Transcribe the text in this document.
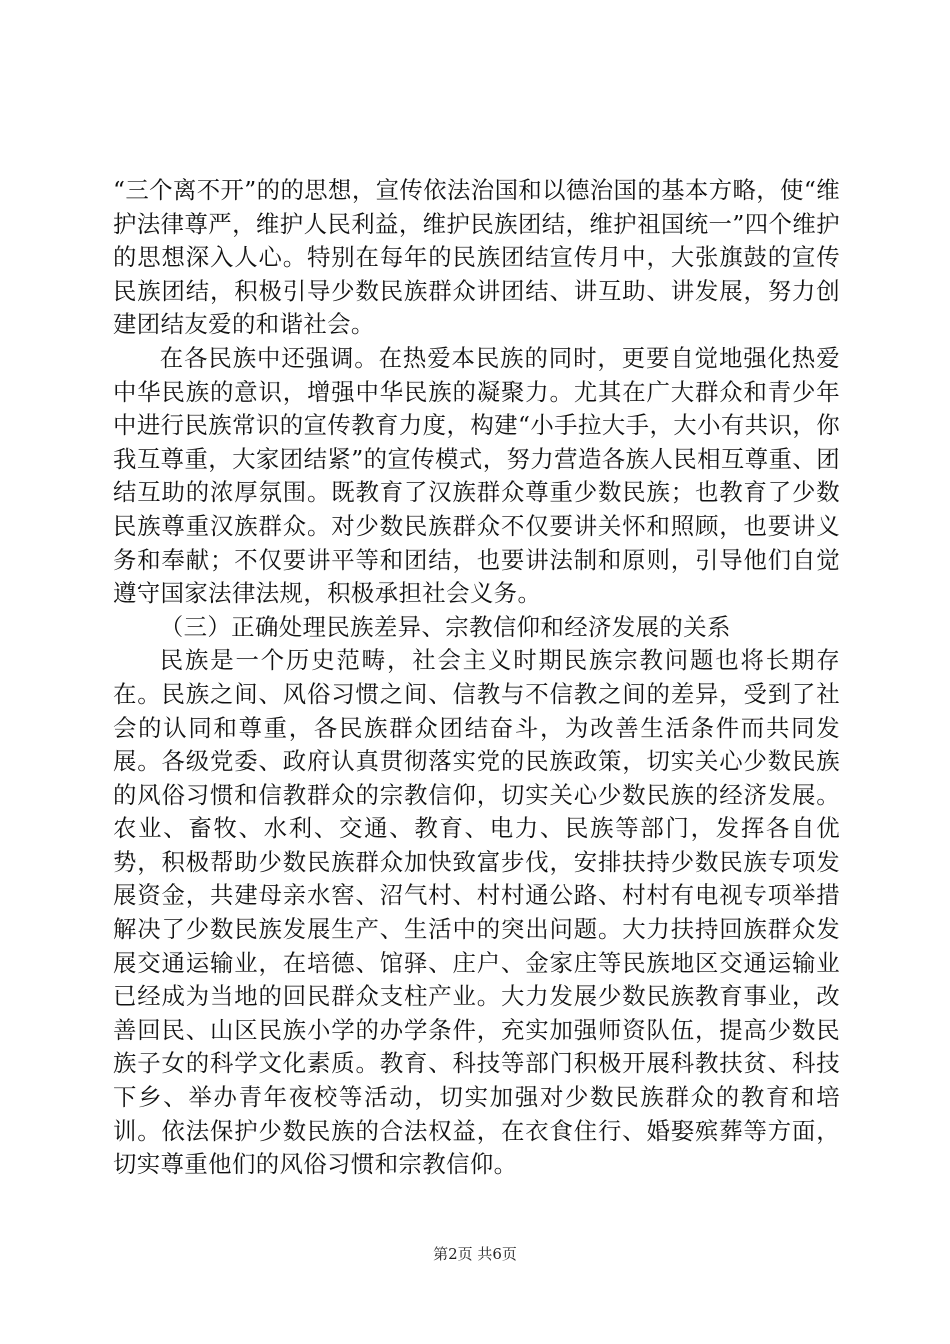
“三个离不开”的的思想，宣传依法治国和以德治国的基本方略，使“维护法律尊严，维护人民利益，维护民族团结，维护祖国统一”四个维护的思想深入人心。特别在每年的民族团结宣传月中，大张旗鼓的宣传民族团结，积极引导少数民族群众讲团结、讲互助、讲发展，努力创建团结友爱的和谐社会。

在各民族中还强调。在热爱本民族的同时，更要自觉地强化热爱中华民族的意识，增强中华民族的凝聚力。尤其在广大群众和青少年中进行民族常识的宣传教育力度，构建“小手拉大手，大小有共识，你我互尊重，大家团结紧”的宣传模式，努力营造各族人民相互尊重、团结互助的浓厚氛围。既教育了汉族群众尊重少数民族；也教育了少数民族尊重汉族群众。对少数民族群众不仅要讲关怀和照顾，也要讲义务和奉献；不仅要讲平等和团结，也要讲法制和原则，引导他们自觉遵守国家法律法规，积极承担社会义务。

（三）正确处理民族差异、宗教信仰和经济发展的关系

民族是一个历史范畴，社会主义时期民族宗教问题也将长期存在。民族之间、风俗习惯之间、信教与不信教之间的差异，受到了社会的认同和尊重，各民族群众团结奋斗，为改善生活条件而共同发展。各级党委、政府认真贯彻落实党的民族政策，切实关心少数民族的风俗习惯和信教群众的宗教信仰，切实关心少数民族的经济发展。农业、畜牧、水利、交通、教育、电力、民族等部门，发挥各自优势，积极帮助少数民族群众加快致富步伐，安排扶持少数民族专项发展资金，共建母亲水窖、沼气村、村村通公路、村村有电视专项举措解决了少数民族发展生产、生活中的突出问题。大力扶持回族群众发展交通运输业，在培德、馆驿、庄户、金家庄等民族地区交通运输业已经成为当地的回民群众支柱产业。大力发展少数民族教育事业，改善回民、山区民族小学的办学条件，充实加强师资队伍，提高少数民族子女的科学文化素质。教育、科技等部门积极开展科教扶贫、科技下乡、举办青年夜校等活动，切实加强对少数民族群众的教育和培训。依法保护少数民族的合法权益，在衣食住行、婚娶殡葬等方面，切实尊重他们的风俗习惯和宗教信仰。

第2页 共6页
